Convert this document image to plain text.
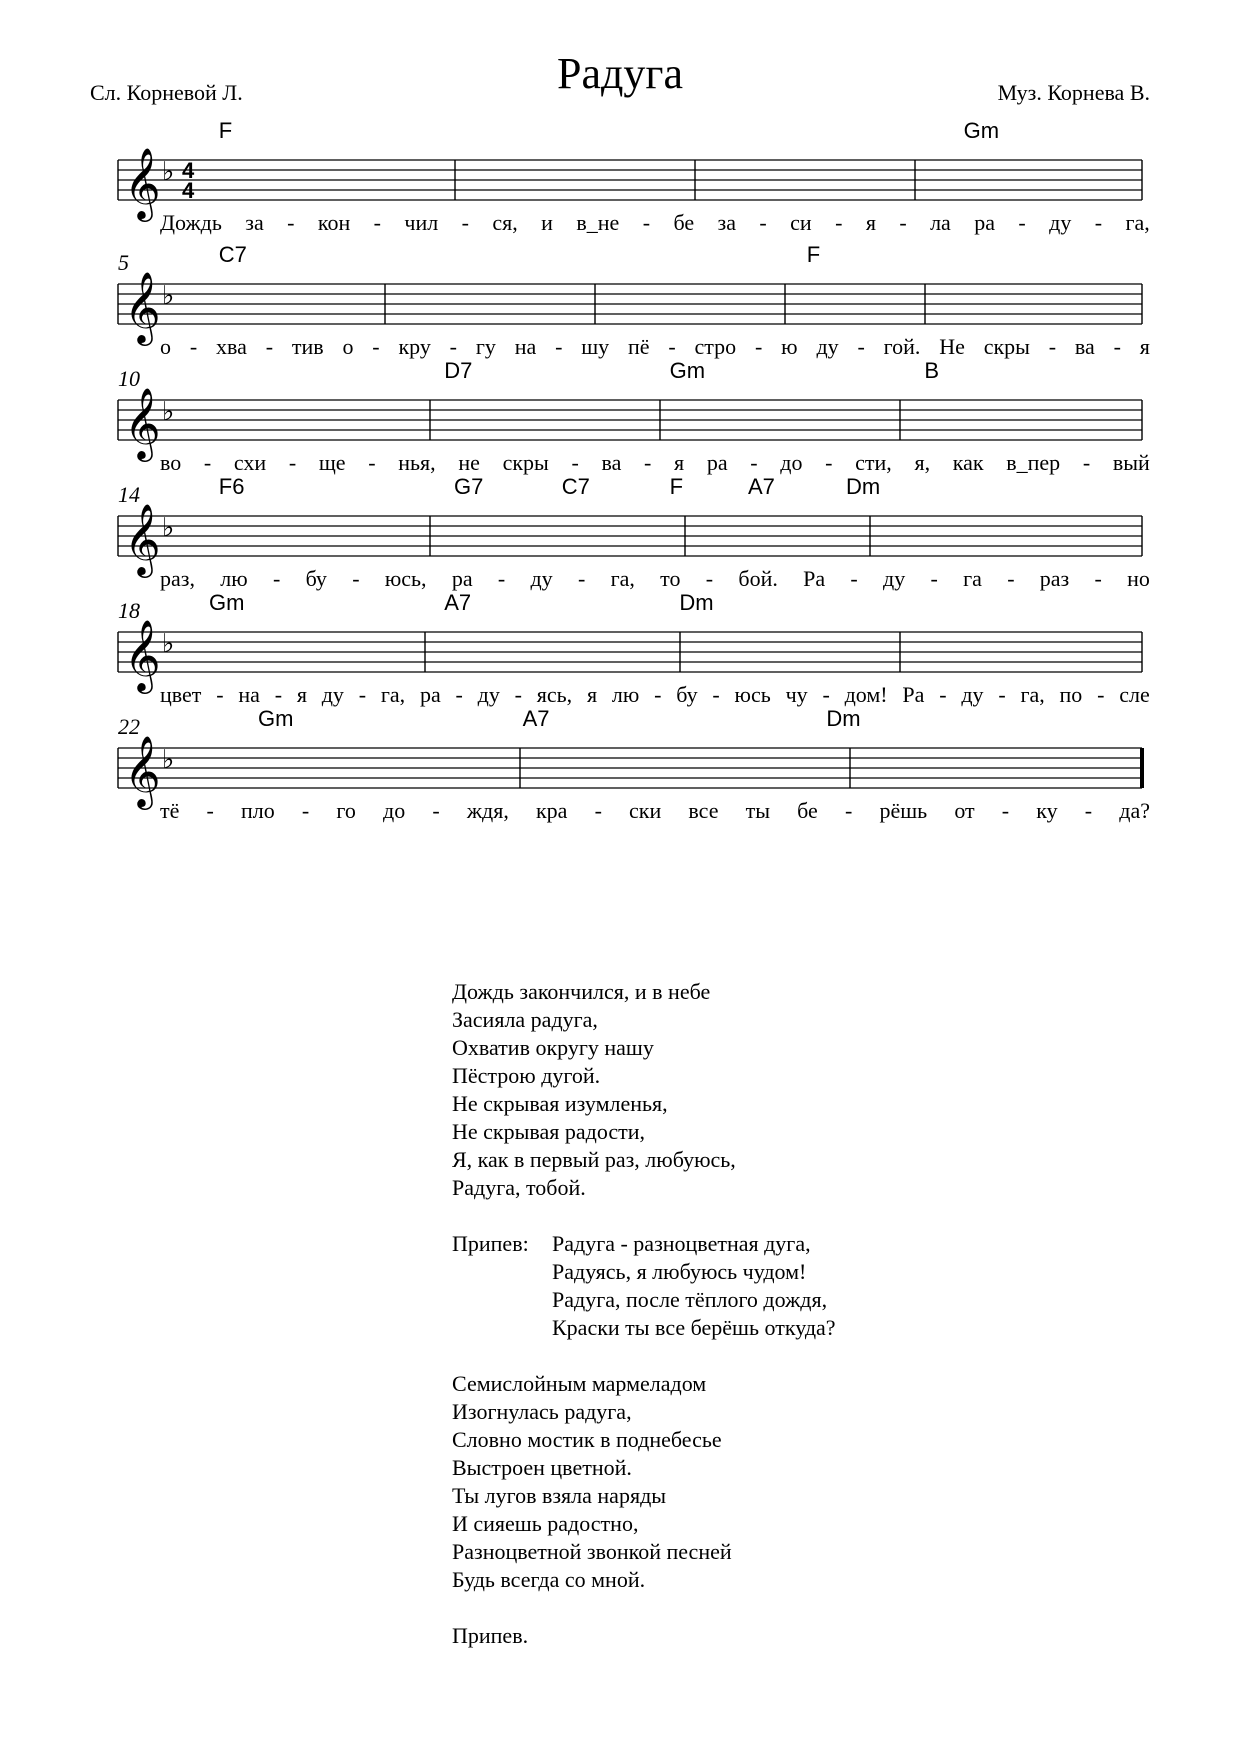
Радуга
Сл. Корневой Л.	Муз. Корнева В.
𝄞 ♭ 4
4
F	Gm
Дождь за - кон - чил - ся, и в_не - бе за - си - я - ла ра - ду - га,
𝄞 ♭
5	C7	F
о - хва - тив о - кру - гу на - шу пё - стро - ю ду - гой. Не скры - ва - я
𝄞 ♭
10	D7	Gm	B
во - схи - ще - нья, не скры - ва - я ра - до - сти, я, как в_пер - вый
𝄞 ♭
14	F6	G7	C7	F	A7	Dm
раз, лю - бу - юсь, ра - ду - га, то - бой. Ра - ду - га - раз - но
𝄞 ♭
18	Gm	A7	Dm
цвет - на - я ду - га, ра - ду - ясь, я лю - бу - юсь чу - дом! Ра - ду - га, по - сле
𝄞 ♭
22	Gm	A7	Dm
тё - пло - го до - ждя, кра - ски все ты бе - рёшь от - ку - да?
Дождь закончился, и в небе
Засияла радуга,
Охватив округу нашу
Пёстрою дугой.
Не скрывая изумленья,
Не скрывая радости,
Я, как в первый раз, любуюсь,
Радуга, тобой.
Припев:	Радуга - разноцветная дуга,
Радуясь, я любуюсь чудом!
Радуга, после тёплого дождя,
Краски ты все берёшь откуда?
Семислойным мармеладом
Изогнулась радуга,
Словно мостик в поднебесье
Выстроен цветной.
Ты лугов взяла наряды
И сияешь радостно,
Разноцветной звонкой песней
Будь всегда со мной.
Припев.
